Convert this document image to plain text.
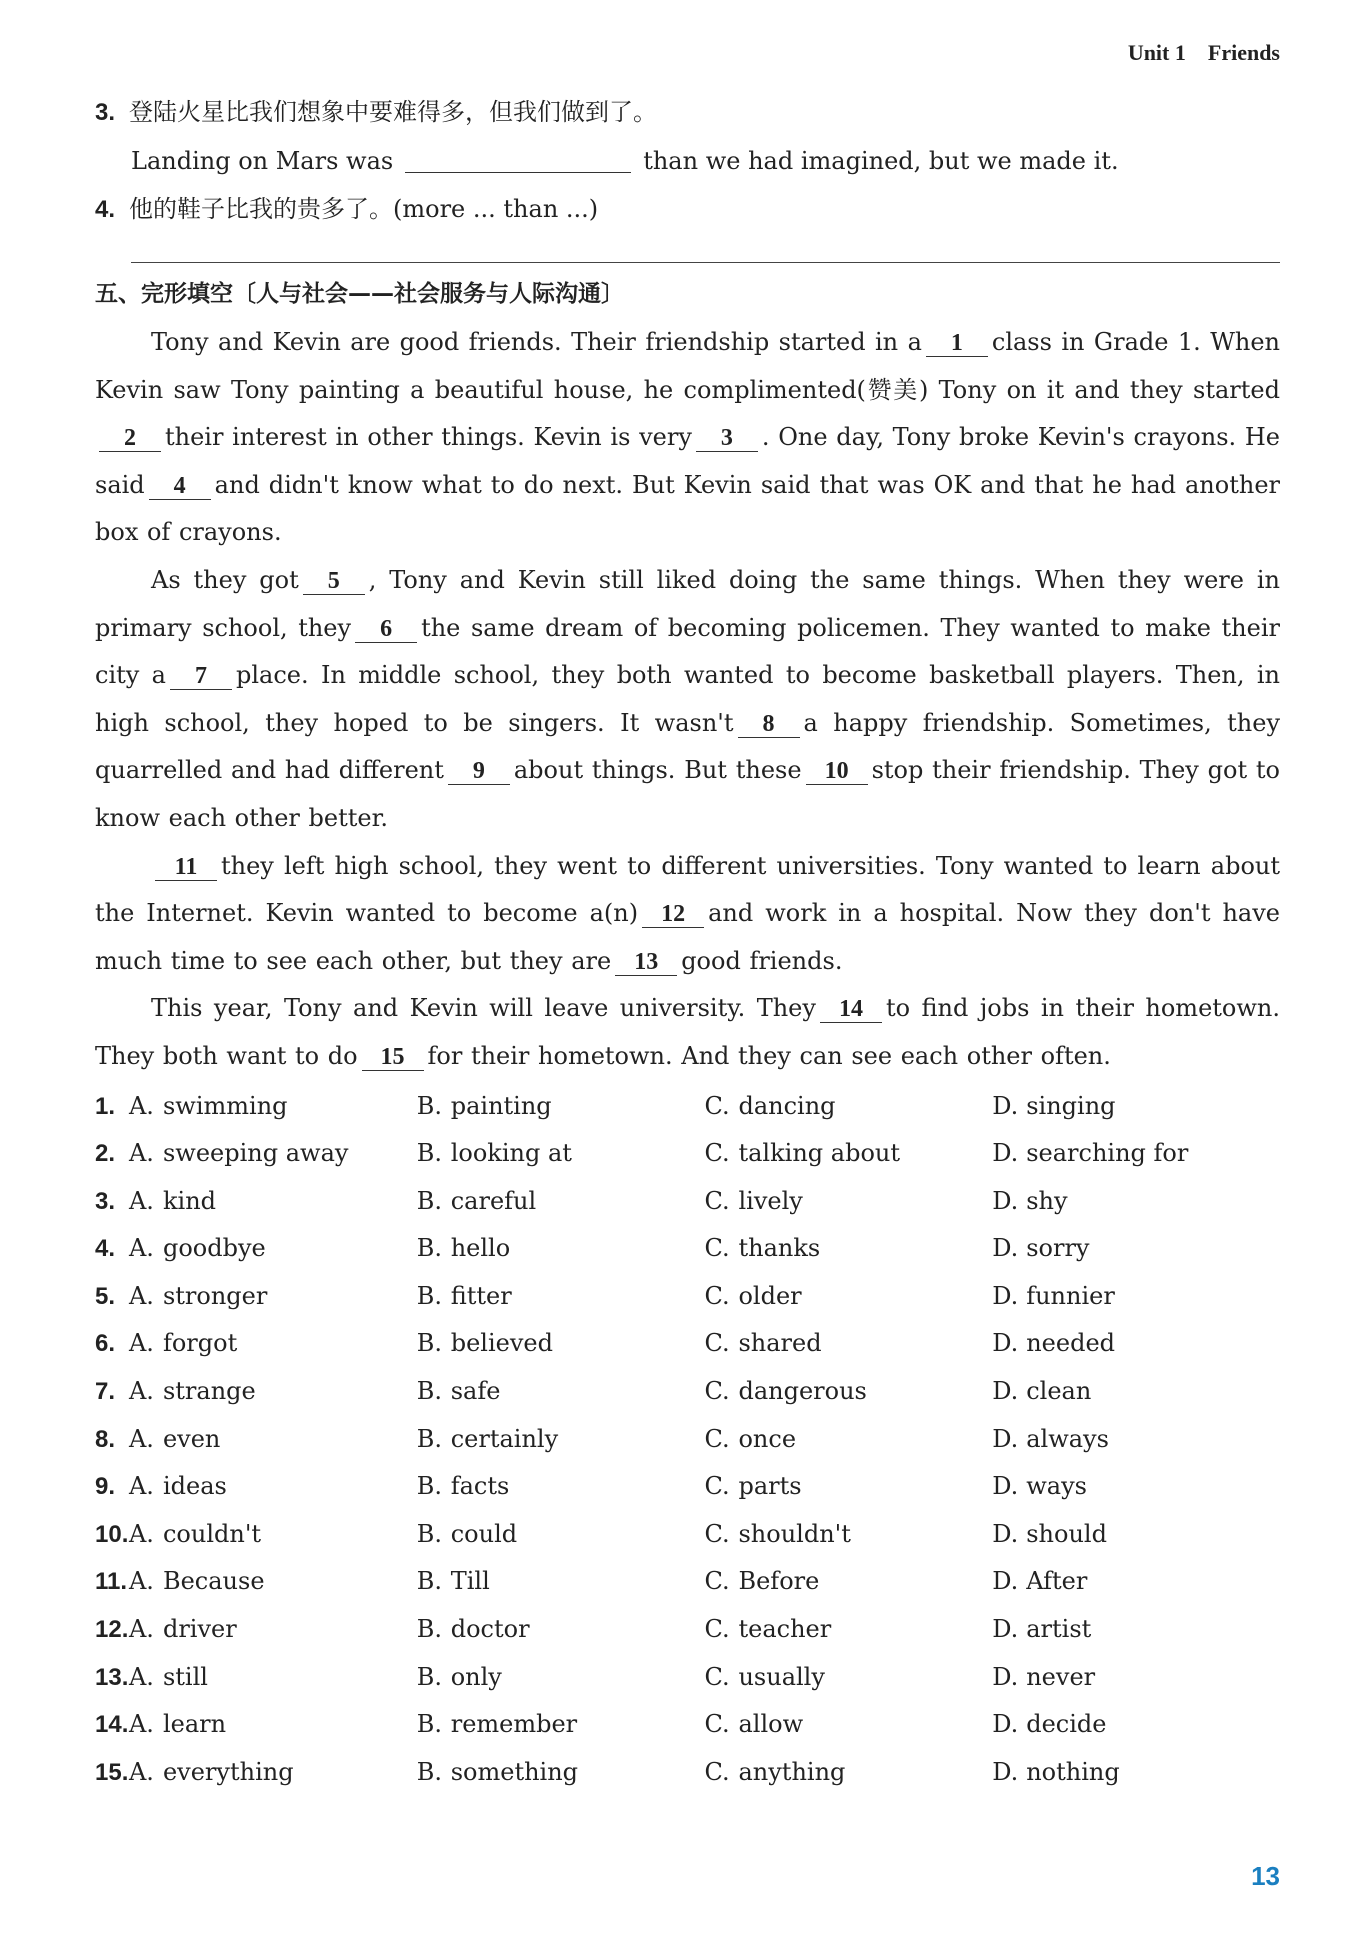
Unit 1 Friends
3. 登陆火星比我们想象中要难得多，但我们做到了。
Landing on Mars was	than we had imagined, but we made it.
4. 他的鞋子比我的贵多了。(more ... than ...)
五、完形填空〔人与社会——社会服务与人际沟通〕

Tony and Kevin are good friends. Their friendship started in a 1 class in Grade 1. When Kevin saw Tony painting a beautiful house, he complimented(赞美) Tony on it and they started2 their interest in other things. Kevin is very 3 . One day, Tony broke Kevin's crayons. He said 4 and didn't know what to do next. But Kevin said that was OK and that he had another box of crayons.

As they got 5 , Tony and Kevin still liked doing the same things. When they were in primary school, they 6 the same dream of becoming policemen. They wanted to make their city a 7 place. In middle school, they both wanted to become basketball players. Then, in high school, they hoped to be singers. It wasn't 8 a happy friendship. Sometimes, they quarrelled and had different 9 about things. But these 10 stop their friendship. They got to know each other better.

11 they left high school, they went to different universities. Tony wanted to learn about the Internet. Kevin wanted to become a(n) 12 and work in a hospital. Now they don't have much time to see each other, but they are 13 good friends.

This year, Tony and Kevin will leave university. They 14 to find jobs in their hometown. They both want to do 15 for their hometown. And they can see each other often.

1. A. swimming	B. painting	C. dancing	D. singing
2. A. sweeping away	B. looking at	C. talking about	D. searching for
3. A. kind	B. careful	C. lively	D. shy
4. A. goodbye	B. hello	C. thanks	D. sorry
5. A. stronger	B. fitter	C. older	D. funnier
6. A. forgot	B. believed	C. shared	D. needed
7. A. strange	B. safe	C. dangerous	D. clean
8. A. even	B. certainly	C. once	D. always
9. A. ideas	B. facts	C. parts	D. ways
10. A. couldn't	B. could	C. shouldn't	D. should
11. A. Because	B. Till	C. Before	D. After
12. A. driver	B. doctor	C. teacher	D. artist
13. A. still	B. only	C. usually	D. never
14. A. learn	B. remember	C. allow	D. decide
15. A. everything	B. something	C. anything	D. nothing
13
